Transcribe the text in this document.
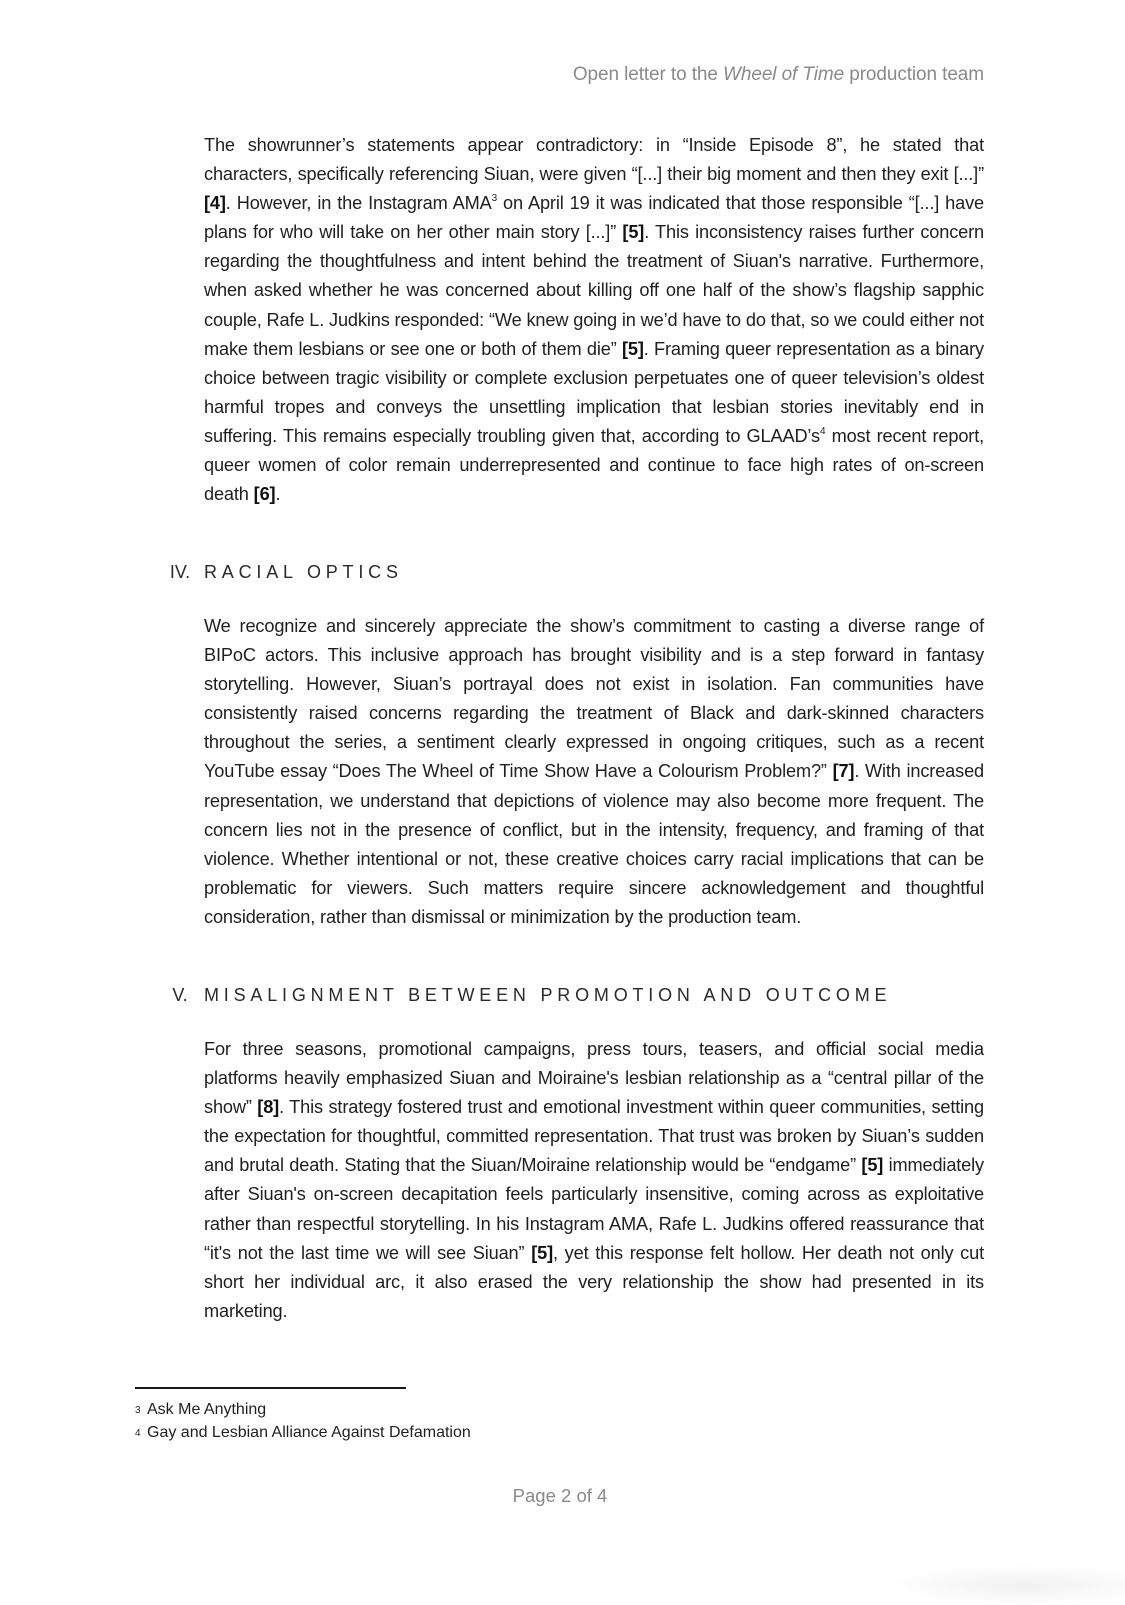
Open letter to the Wheel of Time production team
The showrunner’s statements appear contradictory: in “Inside Episode 8”, he stated that characters, specifically referencing Siuan, were given “[...] their big moment and then they exit [...]” [4]. However, in the Instagram AMA$^3$ on April 19 it was indicated that those responsible “[...] have plans for who will take on her other main story [...]” [5]. This inconsistency raises further concern regarding the thoughtfulness and intent behind the treatment of Siuan's narrative. Furthermore, when asked whether he was concerned about killing off one half of the show’s flagship sapphic couple, Rafe L. Judkins responded: “We knew going in we’d have to do that, so we could either not make them lesbians or see one or both of them die” [5]. Framing queer representation as a binary choice between tragic visibility or complete exclusion perpetuates one of queer television’s oldest harmful tropes and conveys the unsettling implication that lesbian stories inevitably end in suffering. This remains especially troubling given that, according to $GLAAD’s^4$ most recent report, queer women of color remain underrepresented and continue to face high rates of on-screen death [6].
IV. RACIAL OPTICS
We recognize and sincerely appreciate the show’s commitment to casting a diverse range of BIPoC actors. This inclusive approach has brought visibility and is a step forward in fantasy storytelling. However, Siuan’s portrayal does not exist in isolation. Fan communities have consistently raised concerns regarding the treatment of Black and dark-skinned characters throughout the series, a sentiment clearly expressed in ongoing critiques, such as a recent YouTube essay “Does The Wheel of Time Show Have a Colourism Problem?” [7]. With increased representation, we understand that depictions of violence may also become more frequent. The concern lies not in the presence of conflict, but in the intensity, frequency, and framing of that violence. Whether intentional or not, these creative choices carry racial implications that can be problematic for viewers. Such matters require sincere acknowledgement and thoughtful consideration, rather than dismissal or minimization by the production team.
V. MISALIGNMENT BETWEEN PROMOTION AND OUTCOME
For three seasons, promotional campaigns, press tours, teasers, and official social media platforms heavily emphasized Siuan and Moiraine's lesbian relationship as a “central pillar of the show” [8]. This strategy fostered trust and emotional investment within queer communities, setting the expectation for thoughtful, committed representation. That trust was broken by Siuan’s sudden and brutal death. Stating that the Siuan/Moiraine relationship would be “endgame” [5] immediately after Siuan's on-screen decapitation feels particularly insensitive, coming across as exploitative rather than respectful storytelling. In his Instagram AMA, Rafe L. Judkins offered reassurance that “it's not the last time we will see Siuan” [5], yet this response felt hollow. Her death not only cut short her individual arc, it also erased the very relationship the show had presented in its marketing.
3 Ask Me Anything
4 Gay and Lesbian Alliance Against Defamation
Page 2 of 4
